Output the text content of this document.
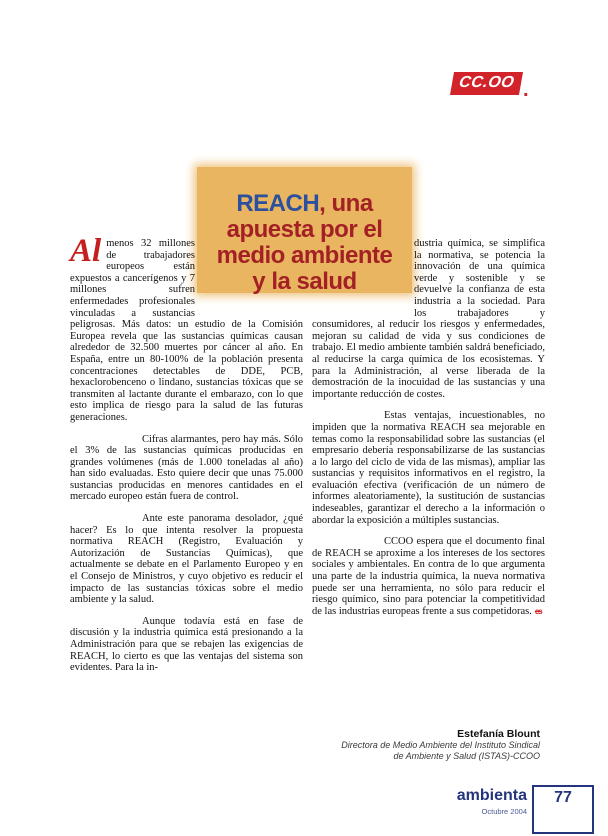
CC.OO .
REACH, una
apuesta por el
medio ambiente
y la salud

Al menos 32 millones de trabajadores europeos están expuestos a cancerígenos y 7 millones sufren enfermedades profesionales vinculadas a sustancias peligrosas. Más datos: un estudio de la Comisión Europea revela que las sustancias químicas causan alrededor de 32.500 muertes por cáncer al año. En España, entre un 80-100% de la población presenta concentraciones detectables de DDE, PCB, hexaclorobenceno o lindano, sustancias tóxicas que se transmiten al lactante durante el embarazo, con lo que esto implica de riesgo para la salud de las futuras generaciones.

Cifras alarmantes, pero hay más. Sólo el 3% de las sustancias químicas producidas en grandes volúmenes (más de 1.000 toneladas al año) han sido evaluadas. Esto quiere decir que unas 75.000 sustancias producidas en menores cantidades en el mercado europeo están fuera de control.

Ante este panorama desolador, ¿qué hacer? Es lo que intenta resolver la propuesta normativa REACH (Registro, Evaluación y Autorización de Sustancias Químicas), que actualmente se debate en el Parlamento Europeo y en el Consejo de Ministros, y cuyo objetivo es reducir el impacto de las sustancias tóxicas sobre el medio ambiente y la salud.

Aunque todavía está en fase de discusión y la industria química está presionando a la Administración para que se rebajen las exigencias de REACH, lo cierto es que las ventajas del sistema son evidentes. Para la in-

dustria química, se simplifica la normativa, se potencia la innovación de una química verde y sostenible y se devuelve la confianza de esta industria a la sociedad. Para los trabajadores y consumidores, al reducir los riesgos y enfermedades, mejoran su calidad de vida y sus condiciones de trabajo. El medio ambiente también saldrá beneficiado, al reducirse la carga química de los ecosistemas. Y para la Administración, al verse liberada de la demostración de la inocuidad de las sustancias y una importante reducción de costes.

Estas ventajas, incuestionables, no impiden que la normativa REACH sea mejorable en temas como la responsabilidad sobre las sustancias (el empresario debería responsabilizarse de las sustancias a lo largo del ciclo de vida de las mismas), ampliar las sustancias y requisitos informativos en el registro, la evaluación efectiva (verificación de un número de informes aleatoriamente), la sustitución de sustancias indeseables, garantizar el derecho a la información o abordar la exposición a múltiples sustancias.

CCOO espera que el documento final de REACH se aproxime a los intereses de los sectores sociales y ambientales. En contra de lo que argumenta una parte de la industria química, la nueva normativa puede ser una herramienta, no sólo para reducir el riesgo químico, sino para potenciar la competitividad de las industrias europeas frente a sus competidoras. cs

Estefanía Blount
Directora de Medio Ambiente del Instituto Sindical
de Ambiente y Salud (ISTAS)-CCOO
ambienta
Octubre 2004
77
